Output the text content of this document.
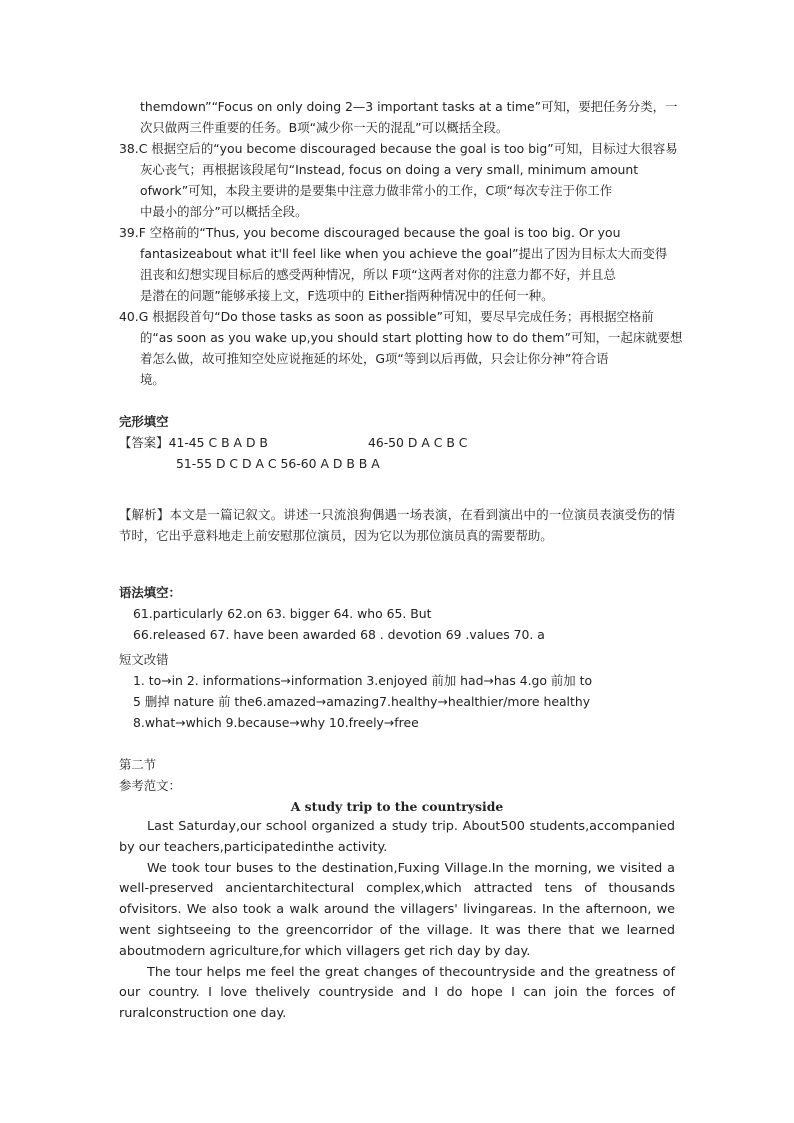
themdown”“Focus on only doing 2—3 important tasks at a time”可知，要把任务分类，一
次只做两三件重要的任务。B项“减少你一天的混乱”可以概括全段。
38.C 根据空后的“you become discouraged because the goal is too big”可知，目标过大很容易
灰心丧气；再根据该段尾句“Instead, focus on doing a very small, minimum amount
ofwork”可知，本段主要讲的是要集中注意力做非常小的工作，C项“每次专注于你工作
中最小的部分”可以概括全段。
39.F 空格前的“Thus, you become discouraged because the goal is too big. Or you
fantasizeabout what it'll feel like when you achieve the goal”提出了因为目标太大而变得
沮丧和幻想实现目标后的感受两种情况，所以 F项“这两者对你的注意力都不好，并且总
是潜在的问题”能够承接上文，F选项中的 Either指两种情况中的任何一种。
40.G 根据段首句“Do those tasks as soon as possible”可知，要尽早完成任务；再根据空格前
的“as soon as you wake up,you should start plotting how to do them”可知，一起床就要想
着怎么做，故可推知空处应说拖延的坏处，G项“等到以后再做，只会让你分神”符合语
境。
完形填空
【答案】41-45 C B A D B	46-50 D A C B C
51-55 D C D A C 56-60 A D B B A
【解析】本文是一篇记叙文。讲述一只流浪狗偶遇一场表演，在看到演出中的一位演员表演受伤的情节时，它出乎意料地走上前安慰那位演员，因为它以为那位演员真的需要帮助。
语法填空：
61.particularly 62.on 63. bigger 64. who 65. But
66.released 67. have been awarded 68 . devotion 69 .values 70. a
短文改错
1. to→in 2. informations→information 3.enjoyed 前加 had→has 4.go 前加 to
5 删掉 nature 前 the6.amazed→amazing7.healthy→healthier/more healthy
8.what→which 9.because→why 10.freely→free
第二节
参考范文：
A study trip to the countryside
Last Saturday,our school organized a study trip. About500 students,accompanied by our teachers,participatedinthe activity.
We took tour buses to the destination,Fuxing Village.In the morning, we visited a well-preserved ancientarchitectural complex,which attracted tens of thousands ofvisitors. We also took a walk around the villagers' livingareas. In the afternoon, we went sightseeing to the greencorridor of the village. It was there that we learned aboutmodern agriculture,for which villagers get rich day by day.
The tour helps me feel the great changes of thecountryside and the greatness of our country. I love thelively countryside and I do hope I can join the forces of ruralconstruction one day.
